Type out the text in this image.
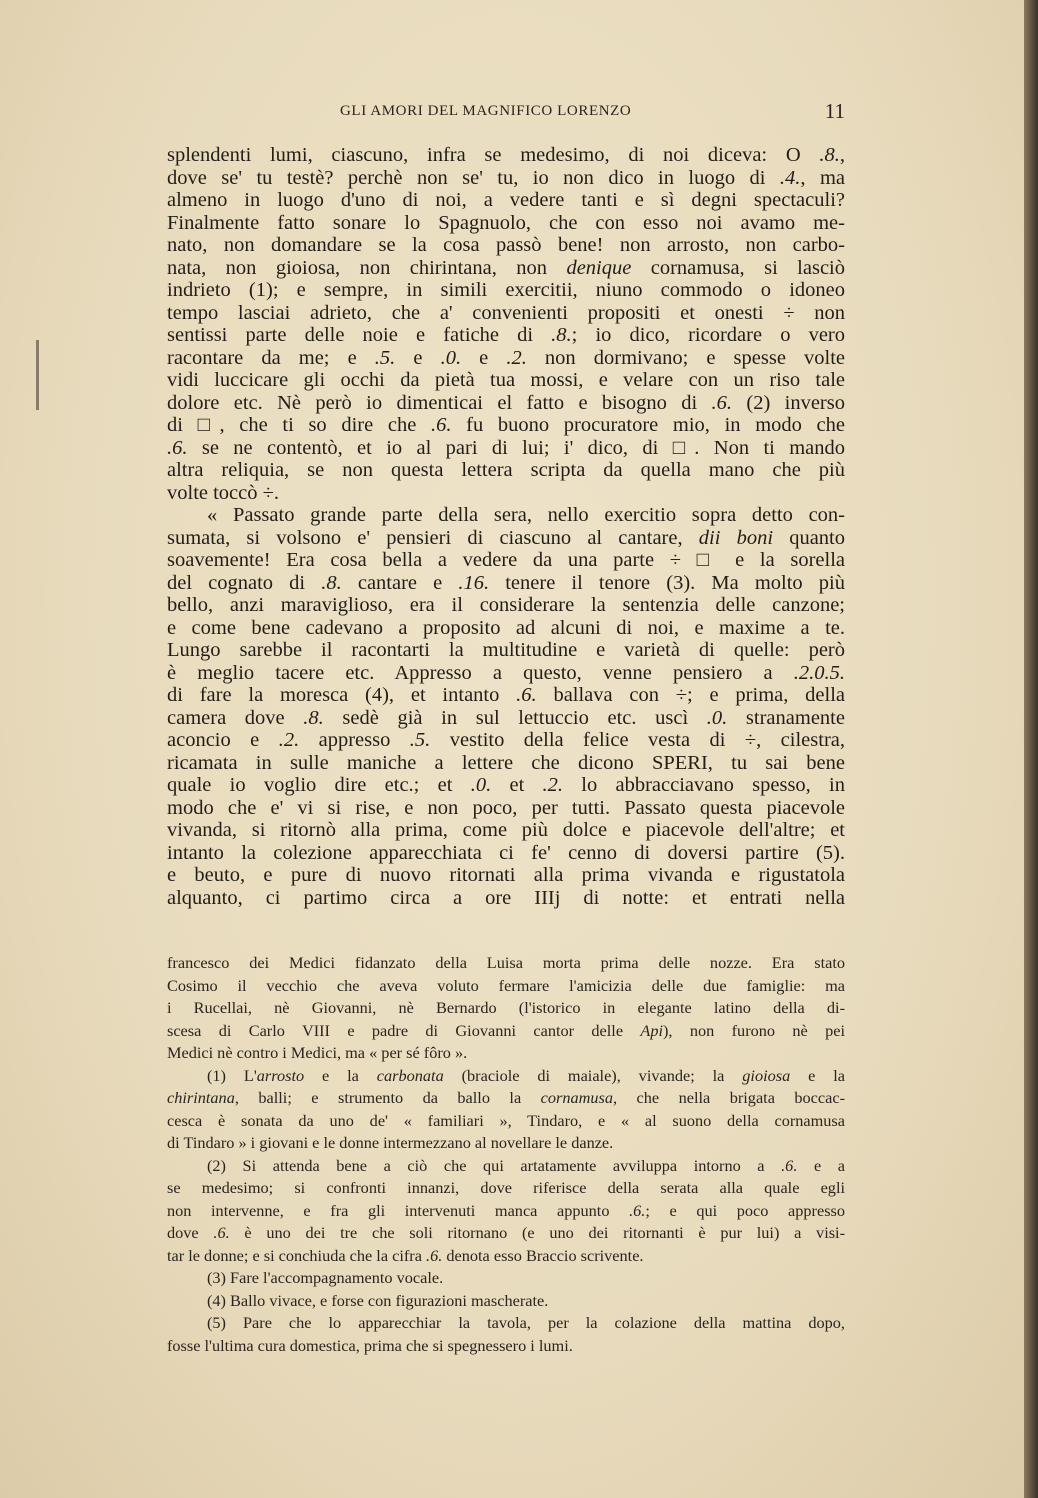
GLI AMORI DEL MAGNIFICO LORENZO	11
splendenti lumi, ciascuno, infra se medesimo, di noi diceva: O .8.,
dove se' tu testè? perchè non se' tu, io non dico in luogo di .4., ma
almeno in luogo d'uno di noi, a vedere tanti e sì degni spectaculi?
Finalmente fatto sonare lo Spagnuolo, che con esso noi avamo me-
nato, non domandare se la cosa passò bene! non arrosto, non carbo-
nata, non gioiosa, non chirintana, non denique cornamusa, si lasciò
indrieto (1); e sempre, in simili exercitii, niuno commodo o idoneo
tempo lasciai adrieto, che a' convenienti propositi et onesti ÷ non
sentissi parte delle noie e fatiche di .8.; io dico, ricordare o vero
racontare da me; e .5. e .0. e .2. non dormivano; e spesse volte
vidi luccicare gli occhi da pietà tua mossi, e velare con un riso tale
dolore etc. Nè però io dimenticai el fatto e bisogno di .6. (2) inverso
di □, che ti so dire che .6. fu buono procuratore mio, in modo che
.6. se ne contentò, et io al pari di lui; i' dico, di □. Non ti mando
altra reliquia, se non questa lettera scripta da quella mano che più
volte toccò ÷.
« Passato grande parte della sera, nello exercitio sopra detto con-
sumata, si volsono e' pensieri di ciascuno al cantare, dii boni quanto
soavemente! Era cosa bella a vedere da una parte ÷ □ e la sorella
del cognato di .8. cantare e .16. tenere il tenore (3). Ma molto più
bello, anzi maraviglioso, era il considerare la sentenzia delle canzone;
e come bene cadevano a proposito ad alcuni di noi, e maxime a te.
Lungo sarebbe il racontarti la multitudine e varietà di quelle: però
è meglio tacere etc. Appresso a questo, venne pensiero a .2.0.5.
di fare la moresca (4), et intanto .6. ballava con ÷; e prima, della
camera dove .8. sedè già in sul lettuccio etc. uscì .0. stranamente
aconcio e .2. appresso .5. vestito della felice vesta di ÷, cilestra,
ricamata in sulle maniche a lettere che dicono SPERI, tu sai bene
quale io voglio dire etc.; et .0. et .2. lo abbracciavano spesso, in
modo che e' vi si rise, e non poco, per tutti. Passato questa piacevole
vivanda, si ritornò alla prima, come più dolce e piacevole dell'altre; et
intanto la colezione apparecchiata ci fe' cenno di doversi partire (5).
e beuto, e pure di nuovo ritornati alla prima vivanda e rigustatola
alquanto, ci partimo circa a ore IIIj di notte: et entrati nella
francesco dei Medici fidanzato della Luisa morta prima delle nozze. Era stato
Cosimo il vecchio che aveva voluto fermare l'amicizia delle due famiglie: ma
i Rucellai, nè Giovanni, nè Bernardo (l'istorico in elegante latino della di-
scesa di Carlo VIII e padre di Giovanni cantor delle Api), non furono nè pei
Medici nè contro i Medici, ma « per sé fôro ».
(1) L'arrosto e la carbonata (braciole di maiale), vivande; la gioiosa e la
chirintana, balli; e strumento da ballo la cornamusa, che nella brigata boccac-
cesca è sonata da uno de' « familiari », Tindaro, e « al suono della cornamusa
di Tindaro » i giovani e le donne intermezzano al novellare le danze.
(2) Si attenda bene a ciò che qui artatamente avviluppa intorno a .6. e a
se medesimo; si confronti innanzi, dove riferisce della serata alla quale egli
non intervenne, e fra gli intervenuti manca appunto .6.; e qui poco appresso
dove .6. è uno dei tre che soli ritornano (e uno dei ritornanti è pur lui) a visi-
tar le donne; e si conchiuda che la cifra .6. denota esso Braccio scrivente.
(3) Fare l'accompagnamento vocale.
(4) Ballo vivace, e forse con figurazioni mascherate.
(5) Pare che lo apparecchiar la tavola, per la colazione della mattina dopo,
fosse l'ultima cura domestica, prima che si spegnessero i lumi.
